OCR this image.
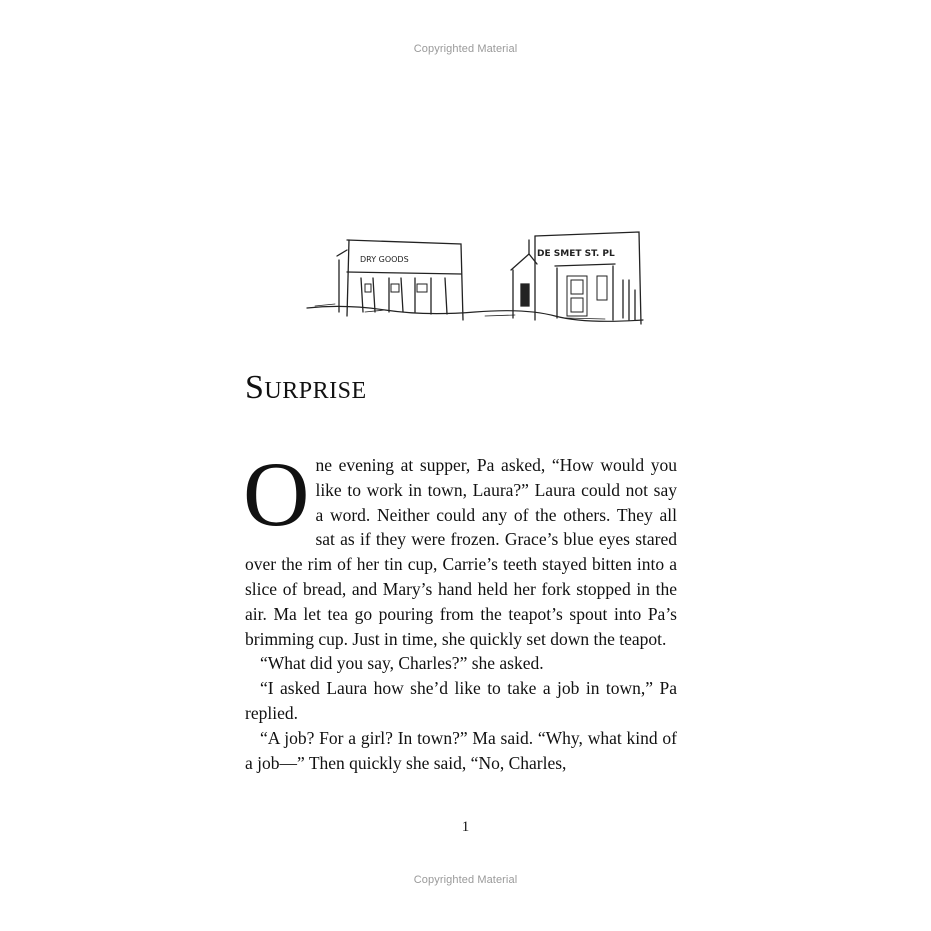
Copyrighted Material
DRY GOODS
DE SMET ST. PL
SURPRISE

One evening at supper, Pa asked, “How would you like to work in town, Laura?” Laura could not say a word. Neither could any of the others. They all sat as if they were frozen. Grace’s blue eyes stared over the rim of her tin cup, Carrie’s teeth stayed bitten into a slice of bread, and Mary’s hand held her fork stopped in the air. Ma let tea go pouring from the teapot’s spout into Pa’s brimming cup. Just in time, she quickly set down the teapot.

“What did you say, Charles?” she asked.

“I asked Laura how she’d like to take a job in town,” Pa replied.

“A job? For a girl? In town?” Ma said. “Why, what kind of a job—” Then quickly she said, “No, Charles,

1
Copyrighted Material
